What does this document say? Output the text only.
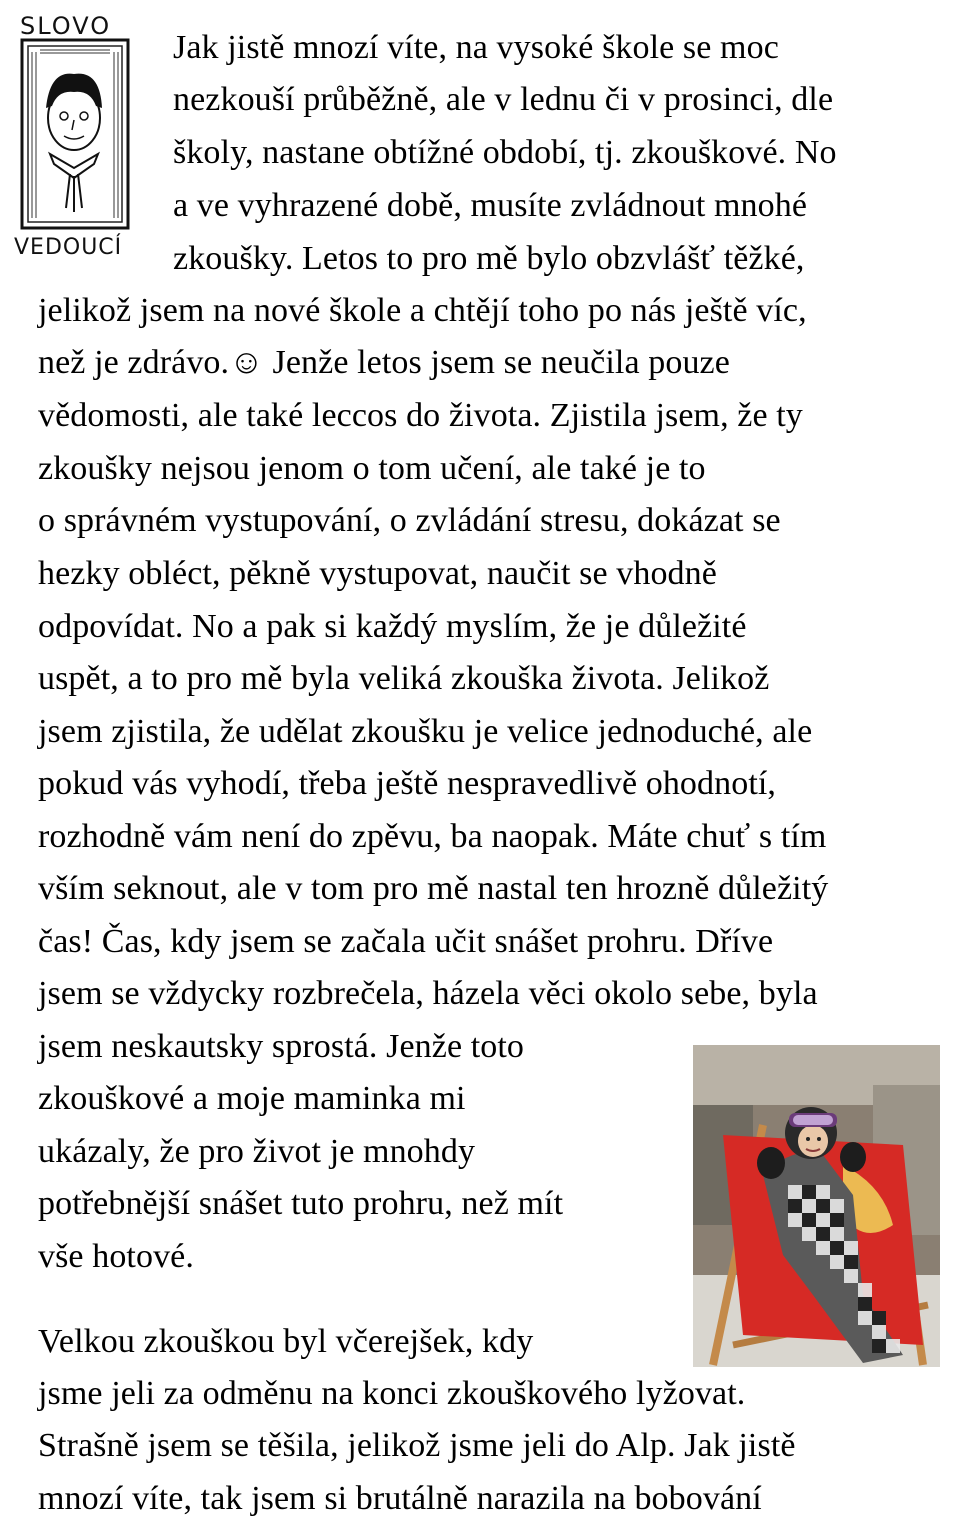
SLOVO
VEDOUCÍ

Jak jistě mnozí víte, na vysoké škole se moc

nezkouší průběžně, ale v lednu či v prosinci, dle

školy, nastane obtížné období, tj. zkouškové. No

a ve vyhrazené době, musíte zvládnout mnohé

zkoušky. Letos to pro mě bylo obzvlášť těžké,

jelikož jsem na nové škole a chtějí toho po nás ještě víc,

než je zdrávo.☺ Jenže letos jsem se neučila pouze

vědomosti, ale také leccos do života. Zjistila jsem, že ty

zkoušky nejsou jenom o tom učení, ale také je to

o správném vystupování, o zvládání stresu, dokázat se

hezky obléct, pěkně vystupovat, naučit se vhodně

odpovídat. No a pak si každý myslím, že je důležité

uspět, a to pro mě byla veliká zkouška života. Jelikož

jsem zjistila, že udělat zkoušku je velice jednoduché, ale

pokud vás vyhodí, třeba ještě nespravedlivě ohodnotí,

rozhodně vám není do zpěvu, ba naopak. Máte chuť s tím

vším seknout, ale v tom pro mě nastal ten hrozně důležitý

čas! Čas, kdy jsem se začala učit snášet prohru. Dříve

jsem se vždycky rozbrečela, házela věci okolo sebe, byla

jsem neskautsky sprostá. Jenže toto

zkouškové a moje maminka mi

ukázaly, že pro život je mnohdy

potřebnější snášet tuto prohru, než mít

vše hotové.

Velkou zkouškou byl včerejšek, kdy

jsme jeli za odměnu na konci zkouškového lyžovat.

Strašně jsem se těšila, jelikož jsme jeli do Alp. Jak jistě

mnozí víte, tak jsem si brutálně narazila na bobování
